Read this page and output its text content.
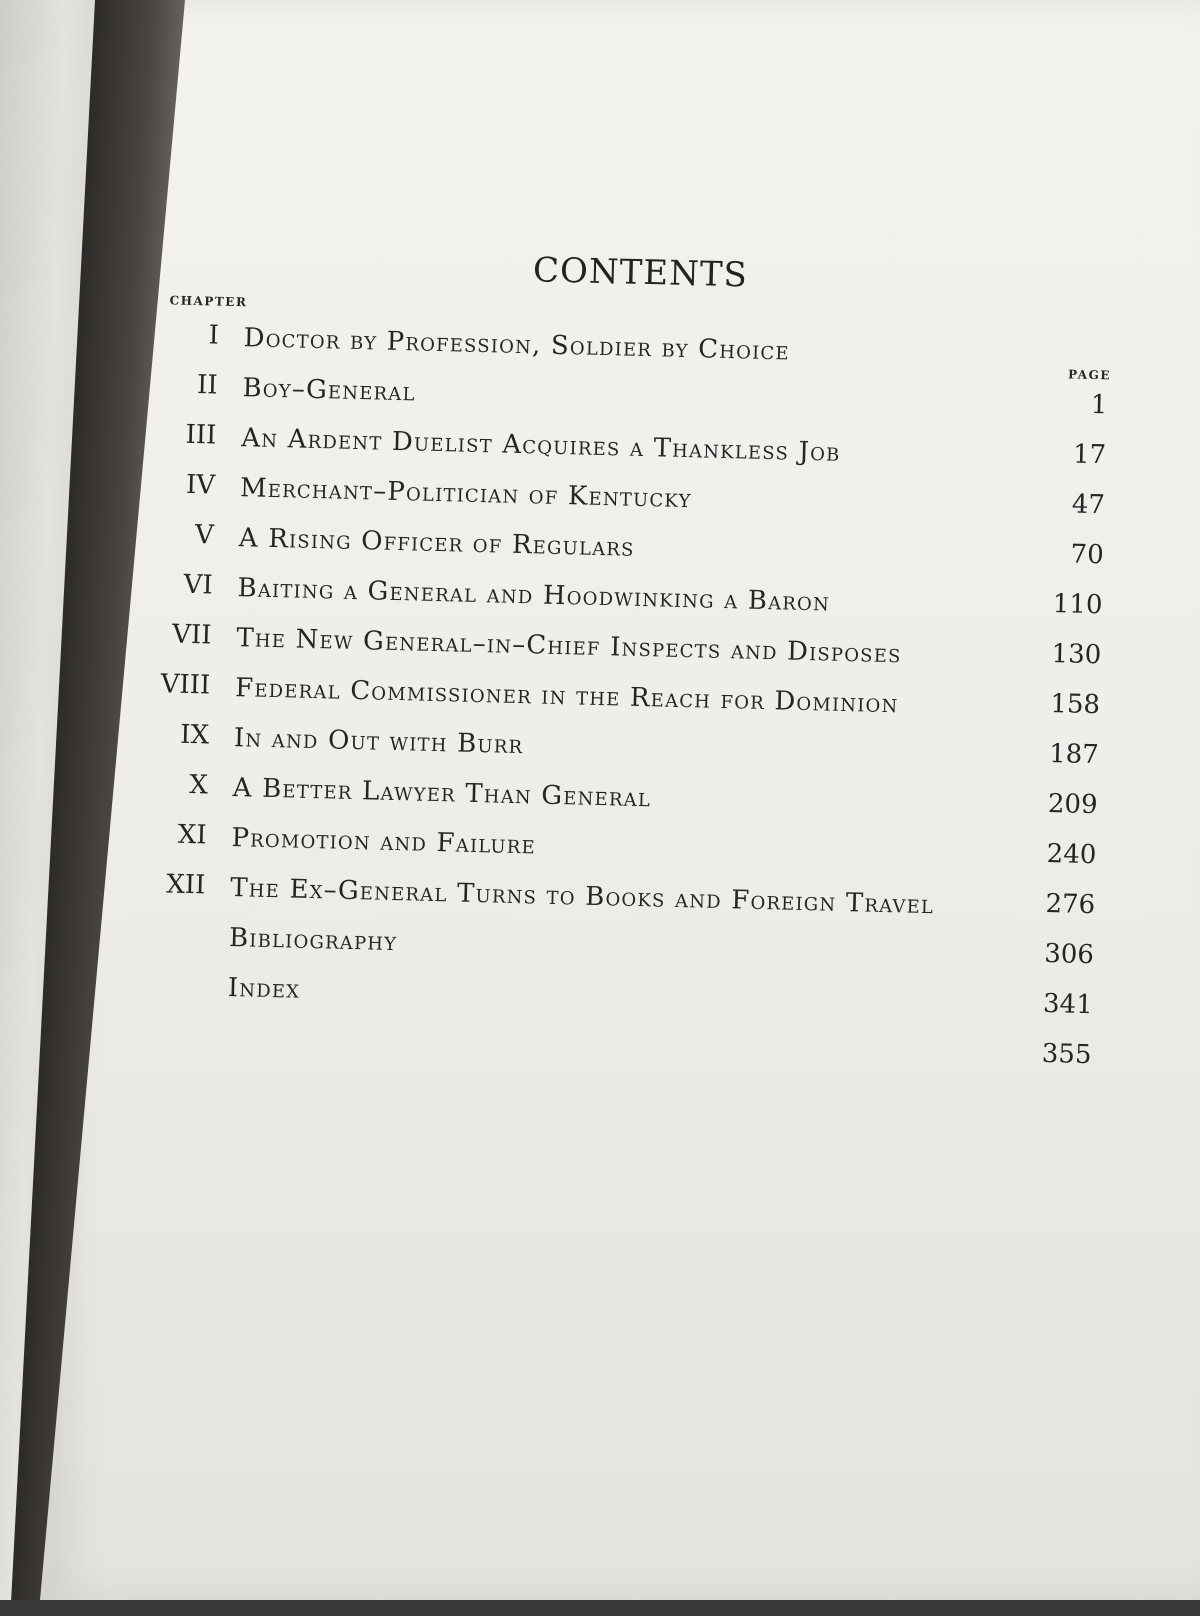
CONTENTS
CHAPTER
PAGE
I Doctor by Profession, Soldier by Choice
1
II Boy–General
17
III An Ardent Duelist Acquires a Thankless Job
47
IV Merchant–Politician of Kentucky
70
V A Rising Officer of Regulars
110
VI Baiting a General and Hoodwinking a Baron
130
VII The New General–in–Chief Inspects and Disposes
158
VIII Federal Commissioner in the Reach for Dominion
187
IX In and Out with Burr
209
X A Better Lawyer Than General
240
XI Promotion and Failure
276
XII The Ex–General Turns to Books and Foreign Travel
306
Bibliography
341
Index
355
